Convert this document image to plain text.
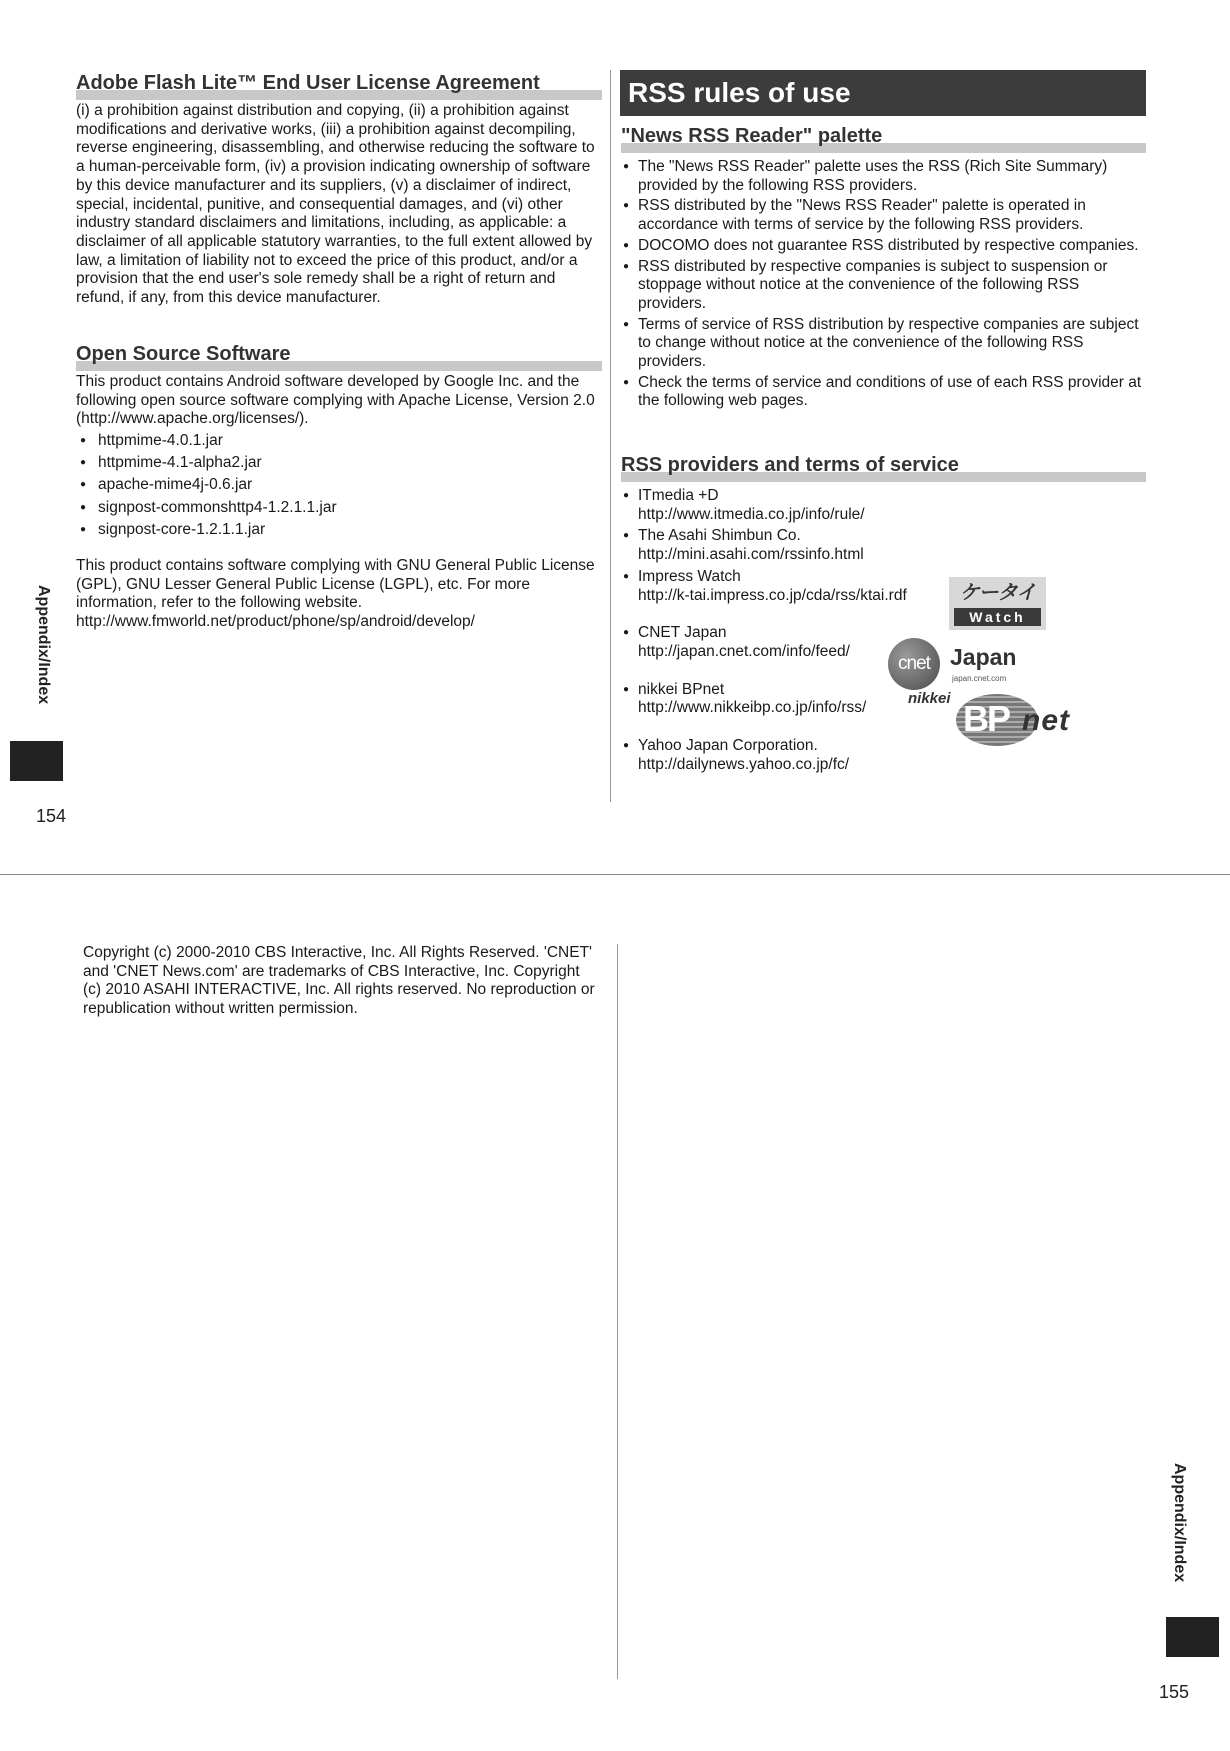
Adobe Flash Lite™ End User License Agreement

(i) a prohibition against distribution and copying, (ii) a prohibition against modifications and derivative works, (iii) a prohibition against decompiling, reverse engineering, disassembling, and otherwise reducing the software to a human-perceivable form, (iv) a provision indicating ownership of software by this device manufacturer and its suppliers, (v) a disclaimer of indirect, special, incidental, punitive, and consequential damages, and (vi) other industry standard disclaimers and limitations, including, as applicable: a disclaimer of all applicable statutory warranties, to the full extent allowed by law, a limitation of liability not to exceed the price of this product, and/or a provision that the end user's sole remedy shall be a right of return and refund, if any, from this device manufacturer.

Open Source Software

This product contains Android software developed by Google Inc. and the following open source software complying with Apache License, Version 2.0 (http://www.apache.org/licenses/).

● httpmime-4.0.1.jar
● httpmime-4.1-alpha2.jar
● apache-mime4j-0.6.jar
● signpost-commonshttp4-1.2.1.1.jar
● signpost-core-1.2.1.1.jar

This product contains software complying with GNU General Public License (GPL), GNU Lesser General Public License (LGPL), etc. For more information, refer to the following website.
http://www.fmworld.net/product/phone/sp/android/develop/

RSS rules of use
"News RSS Reader" palette
● The "News RSS Reader" palette uses the RSS (Rich Site Summary) provided by the following RSS providers.
● RSS distributed by the "News RSS Reader" palette is operated in accordance with terms of service by the following RSS providers.
● DOCOMO does not guarantee RSS distributed by respective companies.
● RSS distributed by respective companies is subject to suspension or stoppage without notice at the convenience of the following RSS providers.
● Terms of service of RSS distribution by respective companies are subject to change without notice at the convenience of the following RSS providers.
● Check the terms of service and conditions of use of each RSS provider at the following web pages.
RSS providers and terms of service
● ITmedia +D
http://www.itmedia.co.jp/info/rule/
● The Asahi Shimbun Co.
http://mini.asahi.com/rssinfo.html
● Impress Watch
http://k-tai.impress.co.jp/cda/rss/ktai.rdf
● CNET Japan
http://japan.cnet.com/info/feed/
● nikkei BPnet
http://www.nikkeibp.co.jp/info/rss/
● Yahoo Japan Corporation.
http://dailynews.yahoo.co.jp/fc/
ケータイ
Watch
cnet Japan
japan.cnet.com
nikkei BP net
Appendix/Index
154

Copyright (c) 2000-2010 CBS Interactive, Inc. All Rights Reserved. 'CNET' and 'CNET News.com' are trademarks of CBS Interactive, Inc. Copyright (c) 2010 ASAHI INTERACTIVE, Inc. All rights reserved. No reproduction or republication without written permission.

Appendix/Index
155
